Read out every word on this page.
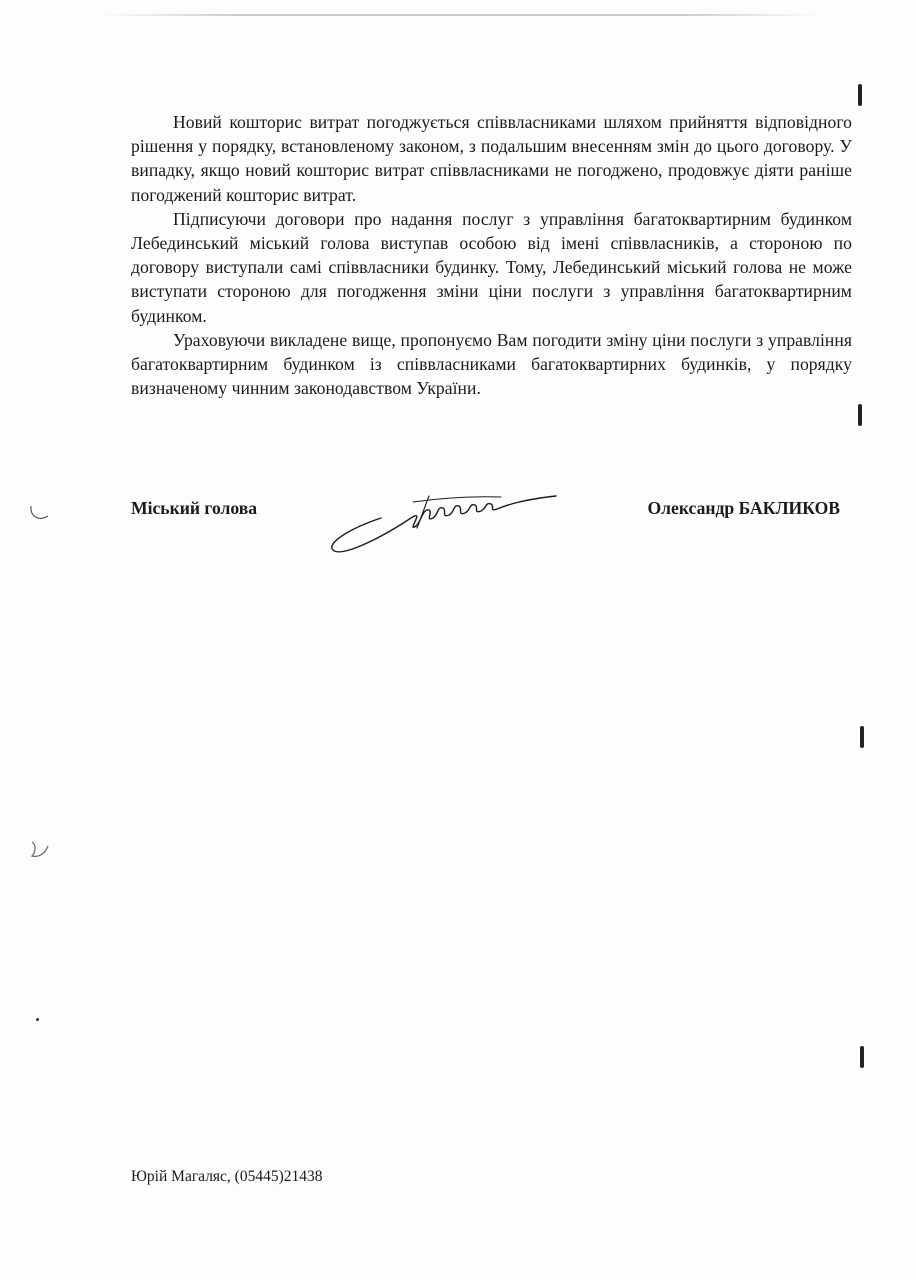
Новий кошторис витрат погоджується співвласниками шляхом прийняття відповідного рішення у порядку, встановленому законом, з подальшим внесенням змін до цього договору. У випадку, якщо новий кошторис витрат співвласниками не погоджено, продовжує діяти раніше погоджений кошторис витрат.

Підписуючи договори про надання послуг з управління багатоквартирним будинком Лебединський міський голова виступав особою від імені співвласників, а стороною по договору виступали самі співвласники будинку. Тому, Лебединський міський голова не може виступати стороною для погодження зміни ціни послуги з управління багатоквартирним будинком.

Ураховуючи викладене вище, пропонуємо Вам погодити зміну ціни послуги з управління багатоквартирним будинком із співвласниками багатоквартирних будинків, у порядку визначеному чинним законодавством України.

Міський голова	Олександр БАКЛИКОВ
Юрій Магаляс, (05445)21438
